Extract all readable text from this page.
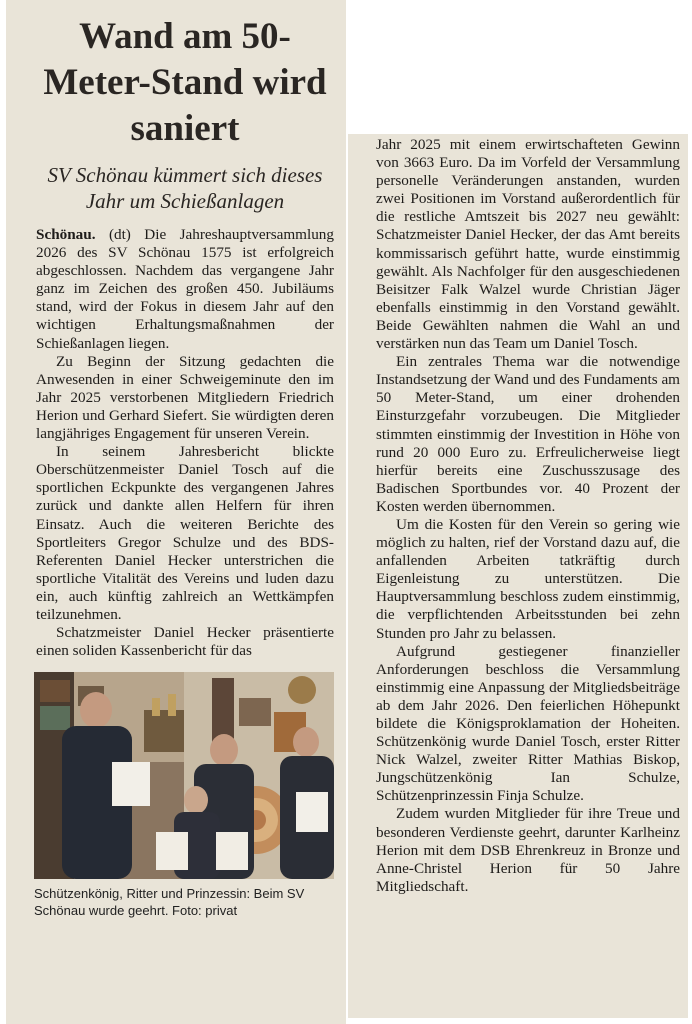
Wand am 50-Meter-Stand wird saniert
SV Schönau kümmert sich dieses Jahr um Schießanlagen

Schönau. (dt) Die Jahreshauptversammlung 2026 des SV Schönau 1575 ist erfolgreich abgeschlossen. Nachdem das vergangene Jahr ganz im Zeichen des großen 450. Jubiläums stand, wird der Fokus in diesem Jahr auf den wichtigen Erhaltungsmaßnahmen der Schießanlagen liegen.

Zu Beginn der Sitzung gedachten die Anwesenden in einer Schweigeminute den im Jahr 2025 verstorbenen Mitgliedern Friedrich Herion und Gerhard Siefert. Sie würdigten deren langjähriges Engagement für unseren Verein.

In seinem Jahresbericht blickte Oberschützenmeister Daniel Tosch auf die sportlichen Eckpunkte des vergangenen Jahres zurück und dankte allen Helfern für ihren Einsatz. Auch die weiteren Berichte des Sportleiters Gregor Schulze und des BDS-Referenten Daniel Hecker unterstrichen die sportliche Vitalität des Vereins und luden dazu ein, auch künftig zahlreich an Wettkämpfen teilzunehmen.

Schatzmeister Daniel Hecker präsentierte einen soliden Kassenbericht für das

Schützenkönig, Ritter und Prinzessin: Beim SV Schönau wurde geehrt. Foto: privat

Jahr 2025 mit einem erwirtschafteten Gewinn von 3663 Euro. Da im Vorfeld der Versammlung personelle Veränderungen anstanden, wurden zwei Positionen im Vorstand außerordentlich für die restliche Amtszeit bis 2027 neu gewählt: Schatzmeister Daniel Hecker, der das Amt bereits kommissarisch geführt hatte, wurde einstimmig gewählt. Als Nachfolger für den ausgeschiedenen Beisitzer Falk Walzel wurde Christian Jäger ebenfalls einstimmig in den Vorstand gewählt. Beide Gewählten nahmen die Wahl an und verstärken nun das Team um Daniel Tosch.

Ein zentrales Thema war die notwendige Instandsetzung der Wand und des Fundaments am 50 Meter-Stand, um einer drohenden Einsturzgefahr vorzubeugen. Die Mitglieder stimmten einstimmig der Investition in Höhe von rund 20 000 Euro zu. Erfreulicherweise liegt hierfür bereits eine Zuschusszusage des Badischen Sportbundes vor. 40 Prozent der Kosten werden übernommen.

Um die Kosten für den Verein so gering wie möglich zu halten, rief der Vorstand dazu auf, die anfallenden Arbeiten tatkräftig durch Eigenleistung zu unterstützen. Die Hauptversammlung beschloss zudem einstimmig, die verpflichtenden Arbeitsstunden bei zehn Stunden pro Jahr zu belassen.

Aufgrund gestiegener finanzieller Anforderungen beschloss die Versammlung einstimmig eine Anpassung der Mitgliedsbeiträge ab dem Jahr 2026. Den feierlichen Höhepunkt bildete die Königsproklamation der Hoheiten. Schützenkönig wurde Daniel Tosch, erster Ritter Nick Walzel, zweiter Ritter Mathias Biskop, Jungschützenkönig Ian Schulze, Schützenprinzessin Finja Schulze.

Zudem wurden Mitglieder für ihre Treue und besonderen Verdienste geehrt, darunter Karlheinz Herion mit dem DSB Ehrenkreuz in Bronze und Anne-Christel Herion für 50 Jahre Mitgliedschaft.
